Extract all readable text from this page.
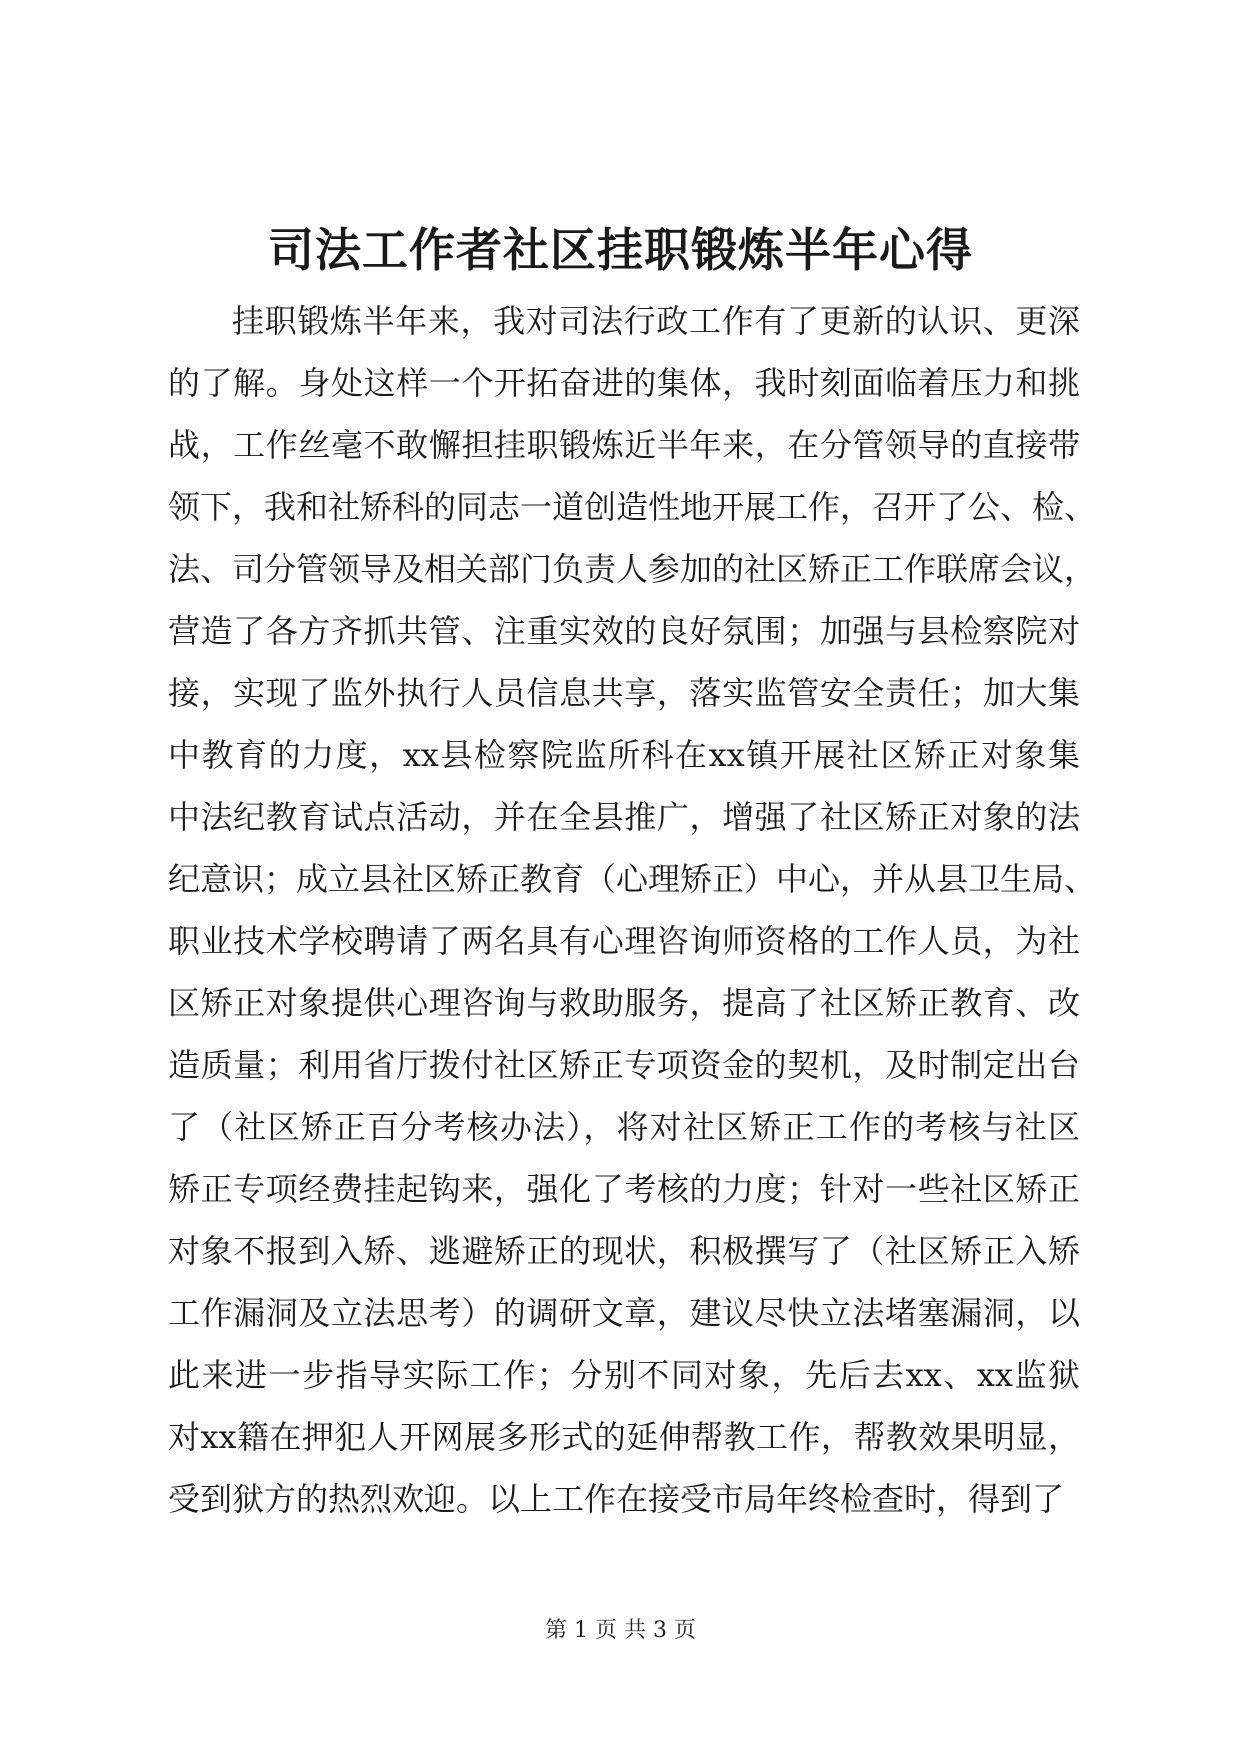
司法工作者社区挂职锻炼半年心得
挂职锻炼半年来，我对司法行政工作有了更新的认识、更深
的了解。身处这样一个开拓奋进的集体，我时刻面临着压力和挑
战，工作丝毫不敢懈担挂职锻炼近半年来，在分管领导的直接带
领下，我和社矫科的同志一道创造性地开展工作，召开了公、检、
法、司分管领导及相关部门负责人参加的社区矫正工作联席会议，
营造了各方齐抓共管、注重实效的良好氛围；加强与县检察院对
接，实现了监外执行人员信息共享，落实监管安全责任；加大集
中教育的力度，xx县检察院监所科在xx镇开展社区矫正对象集
中法纪教育试点活动，并在全县推广，增强了社区矫正对象的法
纪意识；成立县社区矫正教育（心理矫正）中心，并从县卫生局、
职业技术学校聘请了两名具有心理咨询师资格的工作人员，为社
区矫正对象提供心理咨询与救助服务，提高了社区矫正教育、改
造质量；利用省厅拨付社区矫正专项资金的契机，及时制定出台
了（社区矫正百分考核办法），将对社区矫正工作的考核与社区
矫正专项经费挂起钩来，强化了考核的力度；针对一些社区矫正
对象不报到入矫、逃避矫正的现状，积极撰写了（社区矫正入矫
工作漏洞及立法思考）的调研文章，建议尽快立法堵塞漏洞，以
此来进一步指导实际工作；分别不同对象，先后去xx、xx监狱
对xx籍在押犯人开网展多形式的延伸帮教工作，帮教效果明显，
受到狱方的热烈欢迎。以上工作在接受市局年终检查时，得到了
第 1 页 共 3 页
